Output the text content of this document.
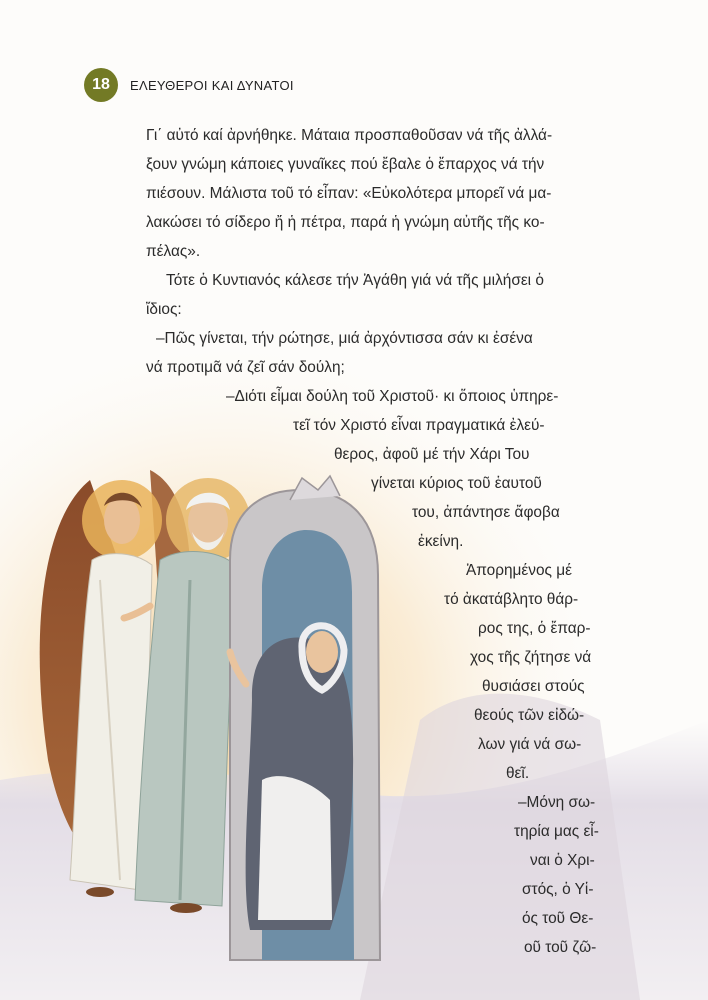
18	ΕΛΕΥΘΕΡΟΙ ΚΑΙ ΔΥΝΑΤΟΙ
Γι΄ αὐτό καί ἀρνήθηκε. Μάταια προσπαθοῦσαν νά τῆς ἀλλά-
ξουν γνώμη κάποιες γυναῖκες πού ἔβαλε ὁ ἔπαρχος νά τήν
πιέσουν. Μάλιστα τοῦ τό εἶπαν: «Εὐκολότερα μπορεῖ νά μα-
λακώσει τό σίδερο ἤ ἡ πέτρα, παρά ἡ γνώμη αὐτῆς τῆς κο-
πέλας».
Τότε ὁ Κυντιανός κάλεσε τήν Ἀγάθη γιά νά τῆς μιλήσει ὁ
ἴδιος:
–Πῶς γίνεται, τήν ρώτησε, μιά ἀρχόντισσα σάν κι ἐσένα
νά προτιμᾶ νά ζεῖ σάν δούλη;
–Διότι εἶμαι δούλη τοῦ Χριστοῦ· κι ὅποιος ὑπηρε-
τεῖ τόν Χριστό εἶναι πραγματικά ἐλεύ-
θερος, ἀφοῦ μέ τήν Χάρι Του
γίνεται κύριος τοῦ ἑαυτοῦ
του, ἀπάντησε ἄφοβα
ἐκείνη.
Ἀπορημένος μέ
τό ἀκατάβλητο θάρ-
ρος της, ὁ ἔπαρ-
χος τῆς ζήτησε νά
θυσιάσει στούς
θεούς τῶν εἰδώ-
λων γιά νά σω-
θεῖ.
–Μόνη σω-
τηρία μας εἶ-
ναι ὁ Χρι-
στός, ὁ Υἱ-
ός τοῦ Θε-
οῦ τοῦ ζῶ-
